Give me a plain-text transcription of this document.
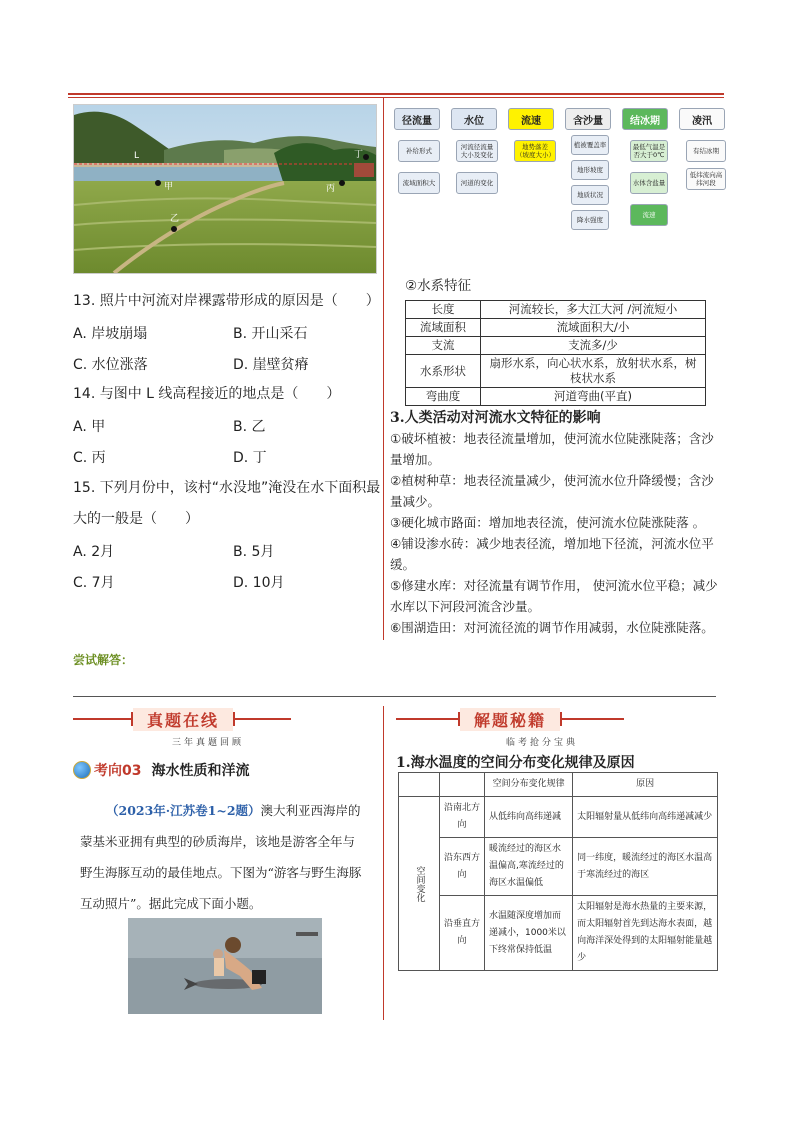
L
甲
乙
丙
丁
13. 照片中河流对岸裸露带形成的原因是（　　）
A. 岸坡崩塌	B. 开山采石
C. 水位涨落	D. 崖壁贫瘠
14. 与图中 L 线高程接近的地点是（　　）
A. 甲	B. 乙
C. 丙	D. 丁
15. 下列月份中，该村“水没地”淹没在水下面积最
大的一般是（　　）
A. 2月	B. 5月
C. 7月	D. 10月
径流量	水位	流速	含沙量	结冰期	凌汛
补给形式
流域面积大
河流径流量大小及变化
河道的变化
地势落差（坡度大小）
植被覆盖率
地形坡度
地质状况
降水强度
最低气温是否大于0℃
水体含盐量
流速
有结冰期
低纬流向高纬河段
②水系特征
长度	河流较长，多大江大河 /河流短小
流域面积	流域面积大/小
支流	支流多/少
水系形状	扇形水系，向心状水系，放射状水系，树枝状水系
弯曲度	河道弯曲(平直)
3.人类活动对河流水文特征的影响
①破坏植被：地表径流量增加，使河流水位陡涨陡落；含沙量增加。
②植树种草：地表径流量减少，使河流水位升降缓慢；含沙量减少。
③硬化城市路面：增加地表径流，使河流水位陡涨陡落 。
④铺设渗水砖：减少地表径流，增加地下径流，河流水位平缓。
⑤修建水库：对径流量有调节作用， 使河流水位平稳；减少水库以下河段河流含沙量。
⑥围湖造田：对河流径流的调节作用减弱，水位陡涨陡落。
尝试解答：
真题在线
三年真题回顾
解题秘籍
临考抢分宝典
考向03 海水性质和洋流
（2023年·江苏卷1~2题）澳大利亚西海岸的
蒙基米亚拥有典型的砂质海岸，该地是游客全年与
野生海豚互动的最佳地点。下图为“游客与野生海豚
互动照片”。据此完成下面小题。
1.海水温度的空间分布变化规律及原因
		空间分布变化规律	原因
空间变化	沿南北方向	从低纬向高纬递减	太阳辐射量从低纬向高纬递减减少
	沿东西方向	暖流经过的海区水温偏高,寒流经过的海区水温偏低	同一纬度，暖流经过的海区水温高于寒流经过的海区
	沿垂直方向	水温随深度增加而递减小，1000米以下终常保持低温	太阳辐射是海水热量的主要来源，而太阳辐射首先到达海水表面，越向海洋深处得到的太阳辐射能量越少
